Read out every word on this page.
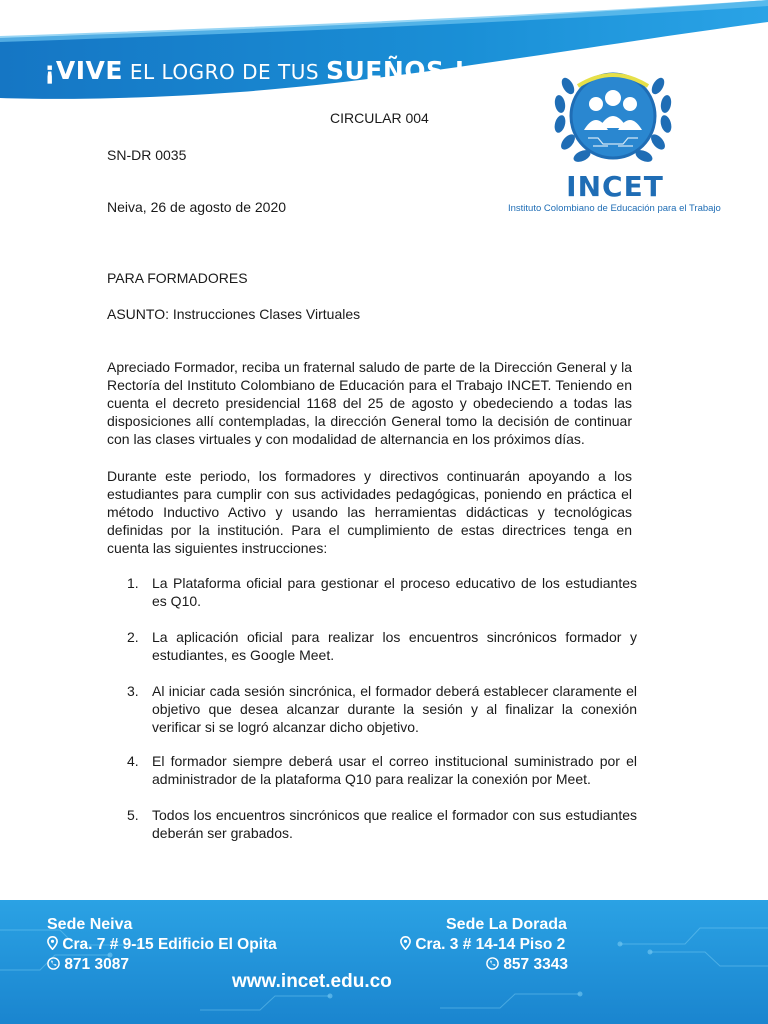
¡VIVE EL LOGRO DE TUS SUEÑOS !
INCET
Instituto Colombiano de Educación para el Trabajo
CIRCULAR 004
SN-DR 0035
Neiva, 26 de agosto de 2020
PARA FORMADORES
ASUNTO: Instrucciones Clases Virtuales
Apreciado Formador, reciba un fraternal saludo de parte de la Dirección General y la Rectoría del Instituto Colombiano de Educación para el Trabajo INCET. Teniendo en cuenta el decreto presidencial 1168 del 25 de agosto y obedeciendo a todas las disposiciones allí contempladas, la dirección General tomo la decisión de continuar con las clases virtuales y con modalidad de alternancia en los próximos días.
Durante este periodo, los formadores y directivos continuarán apoyando a los estudiantes para cumplir con sus actividades pedagógicas, poniendo en práctica el método Inductivo Activo y usando las herramientas didácticas y tecnológicas definidas por la institución. Para el cumplimiento de estas directrices tenga en cuenta las siguientes instrucciones:
1. La Plataforma oficial para gestionar el proceso educativo de los estudiantes es Q10.
2. La aplicación oficial para realizar los encuentros sincrónicos formador y estudiantes, es Google Meet.
3. Al iniciar cada sesión sincrónica, el formador deberá establecer claramente el objetivo que desea alcanzar durante la sesión y al finalizar la conexión verificar si se logró alcanzar dicho objetivo.
4. El formador siempre deberá usar el correo institucional suministrado por el administrador de la plataforma Q10 para realizar la conexión por Meet.
5. Todos los encuentros sincrónicos que realice el formador con sus estudiantes deberán ser grabados.
Sede Neiva
Cra. 7 # 9-15 Edificio El Opita
871 3087
Sede La Dorada
Cra. 3 # 14-14 Piso 2
857 3343
www.incet.edu.co
